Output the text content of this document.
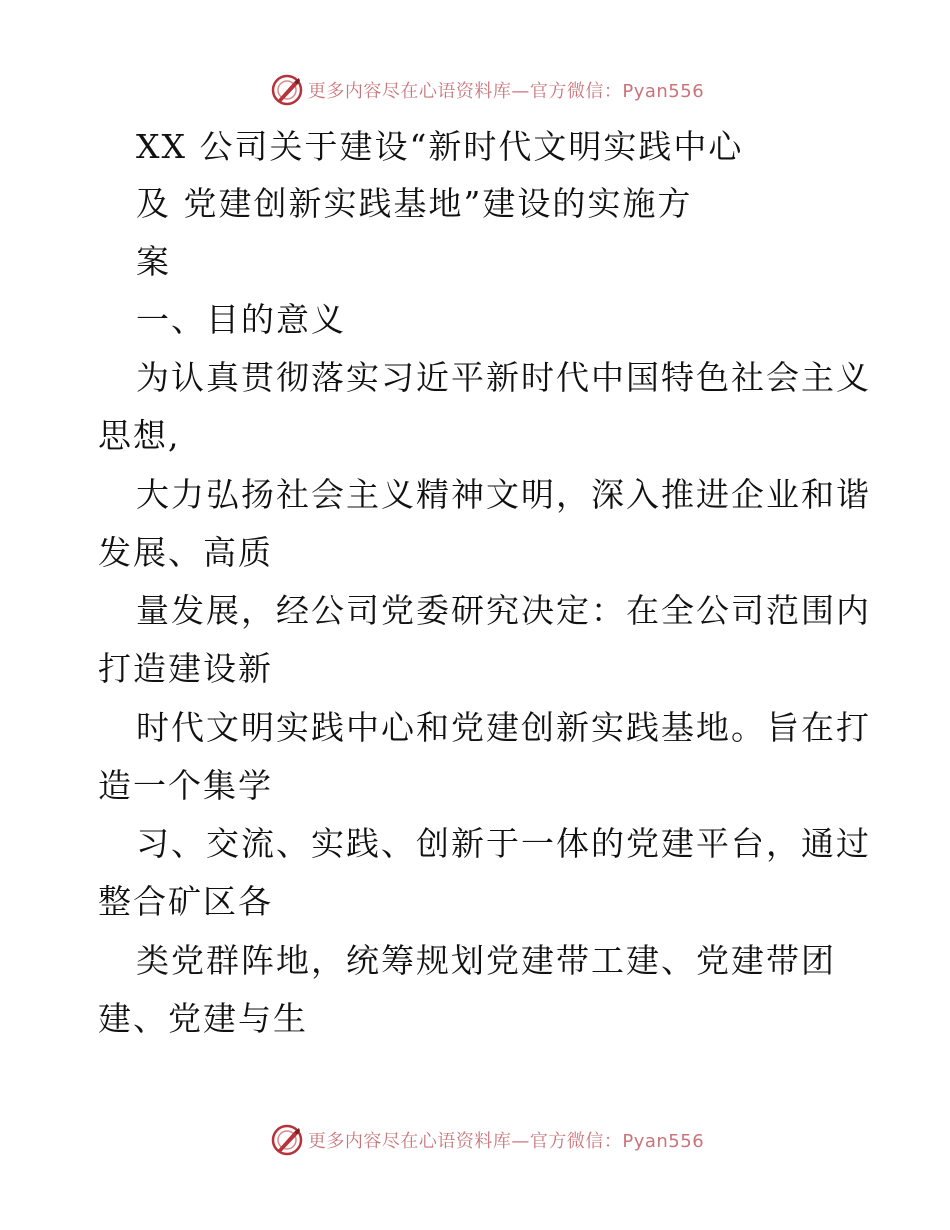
更多内容尽在心语资料库—官方微信：Pyan556
XX 公司关于建设“新时代文明实践中心
及 党建创新实践基地”建设的实施方
案
一、目的意义
为认真贯彻落实习近平新时代中国特色社会主义
思想,
大力弘扬社会主义精神文明，深入推进企业和谐
发展、高质
量发展，经公司党委研究决定：在全公司范围内
打造建设新
时代文明实践中心和党建创新实践基地。旨在打
造一个集学
习、交流、实践、创新于一体的党建平台，通过
整合矿区各
类党群阵地，统筹规划党建带工建、党建带团
建、党建与生
更多内容尽在心语资料库—官方微信：Pyan556
